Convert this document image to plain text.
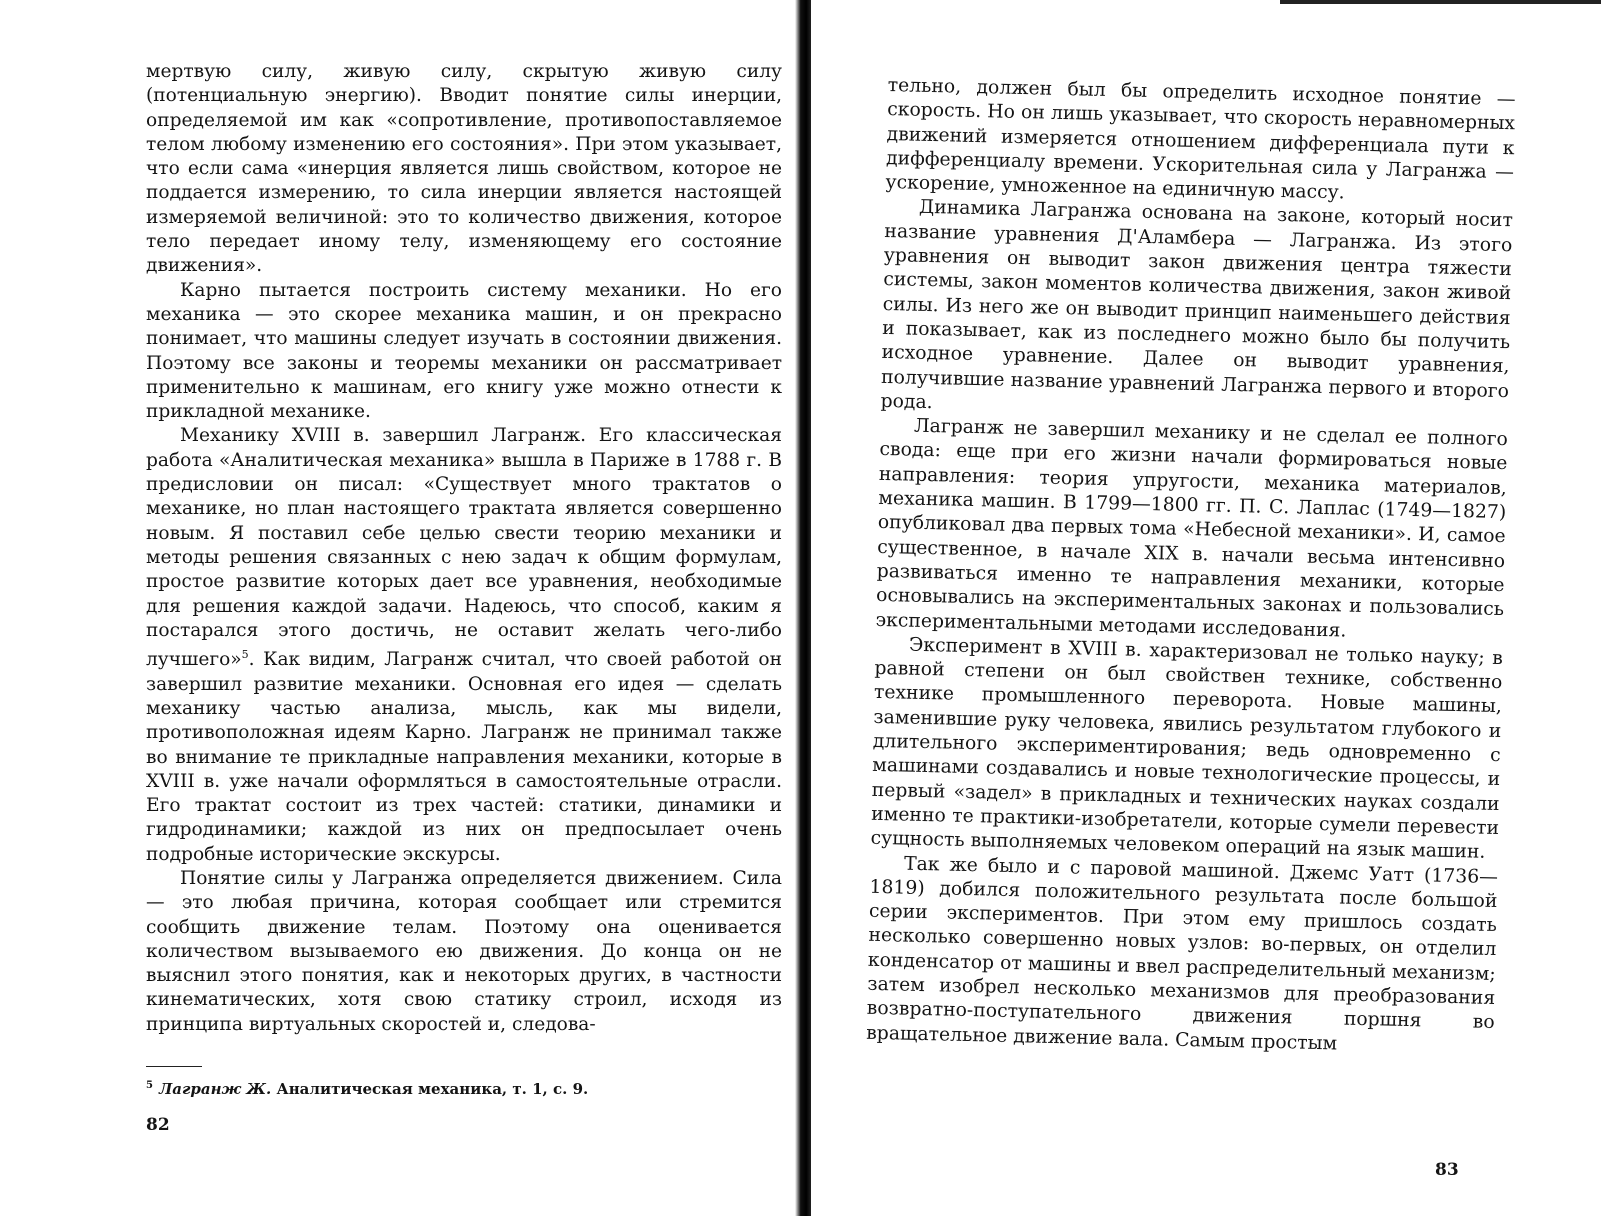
мертвую силу, живую силу, скрытую живую силу (потенциальную энергию). Вводит понятие силы инерции, определяемой им как «сопротивление, противопоставляемое телом любому изменению его состояния». При этом указывает, что если сама «инерция является лишь свойством, которое не поддается измерению, то сила инерции является настоящей измеряемой величиной: это то количество движения, которое тело передает иному телу, изменяющему его состояние движения».

Карно пытается построить систему механики. Но его механика — это скорее механика машин, и он прекрасно понимает, что машины следует изучать в состоянии движения. Поэтому все законы и теоремы механики он рассматривает применительно к машинам, его книгу уже можно отнести к прикладной механике.

Механику XVIII в. завершил Лагранж. Его классическая работа «Аналитическая механика» вышла в Париже в 1788 г. В предисловии он писал: «Существует много трактатов о механике, но план настоящего трактата является совершенно новым. Я поставил себе целью свести теорию механики и методы решения связанных с нею задач к общим формулам, простое развитие которых дает все уравнения, необходимые для решения каждой задачи. Надеюсь, что способ, каким я постарался этого достичь, не оставит желать чего-либо лучшего»$^5$. Как видим, Лагранж считал, что своей работой он завершил развитие механики. Основная его идея — сделать механику частью анализа, мысль, как мы видели, противоположная идеям Карно. Лагранж не принимал также во внимание те прикладные направления механики, которые в XVIII в. уже начали оформляться в самостоятельные отрасли. Его трактат состоит из трех частей: статики, динамики и гидродинамики; каждой из них он предпосылает очень подробные исторические экскурсы.

Понятие силы у Лагранжа определяется движением. Сила — это любая причина, которая сообщает или стремится сообщить движение телам. Поэтому она оценивается количеством вызываемого ею движения. До конца он не выяснил этого понятия, как и некоторых других, в частности кинематических, хотя свою статику строил, исходя из принципа виртуальных скоростей и, следова-

$^5$ Лагранж Ж. Аналитическая механика, т. 1, с. 9.
82

тельно, должен был бы определить исходное понятие — скорость. Но он лишь указывает, что скорость неравномерных движений измеряется отношением дифференциала пути к дифференциалу времени. Ускорительная сила у Лагранжа — ускорение, умноженное на единичную массу.

Динамика Лагранжа основана на законе, который носит название уравнения Д'Аламбера — Лагранжа. Из этого уравнения он выводит закон движения центра тяжести системы, закон моментов количества движения, закон живой силы. Из него же он выводит принцип наименьшего действия и показывает, как из последнего можно было бы получить исходное уравнение. Далее он выводит уравнения, получившие название уравнений Лагранжа первого и второго рода.

Лагранж не завершил механику и не сделал ее полного свода: еще при его жизни начали формироваться новые направления: теория упругости, механика материалов, механика машин. В 1799—1800 гг. П. С. Лаплас (1749—1827) опубликовал два первых тома «Небесной механики». И, самое существенное, в начале XIX в. начали весьма интенсивно развиваться именно те направления механики, которые основывались на экспериментальных законах и пользовались экспериментальными методами исследования.

Эксперимент в XVIII в. характеризовал не только науку; в равной степени он был свойствен технике, собственно технике промышленного переворота. Новые машины, заменившие руку человека, явились результатом глубокого и длительного экспериментирования; ведь одновременно с машинами создавались и новые технологические процессы, и первый «задел» в прикладных и технических науках создали именно те практики-изобретатели, которые сумели перевести сущность выполняемых человеком операций на язык машин.

Так же было и с паровой машиной. Джемс Уатт (1736—1819) добился положительного результата после большой серии экспериментов. При этом ему пришлось создать несколько совершенно новых узлов: во-первых, он отделил конденсатор от машины и ввел распределительный механизм; затем изобрел несколько механизмов для преобразования возвратно-поступательного движения поршня во вращательное движение вала. Самым простым

83
